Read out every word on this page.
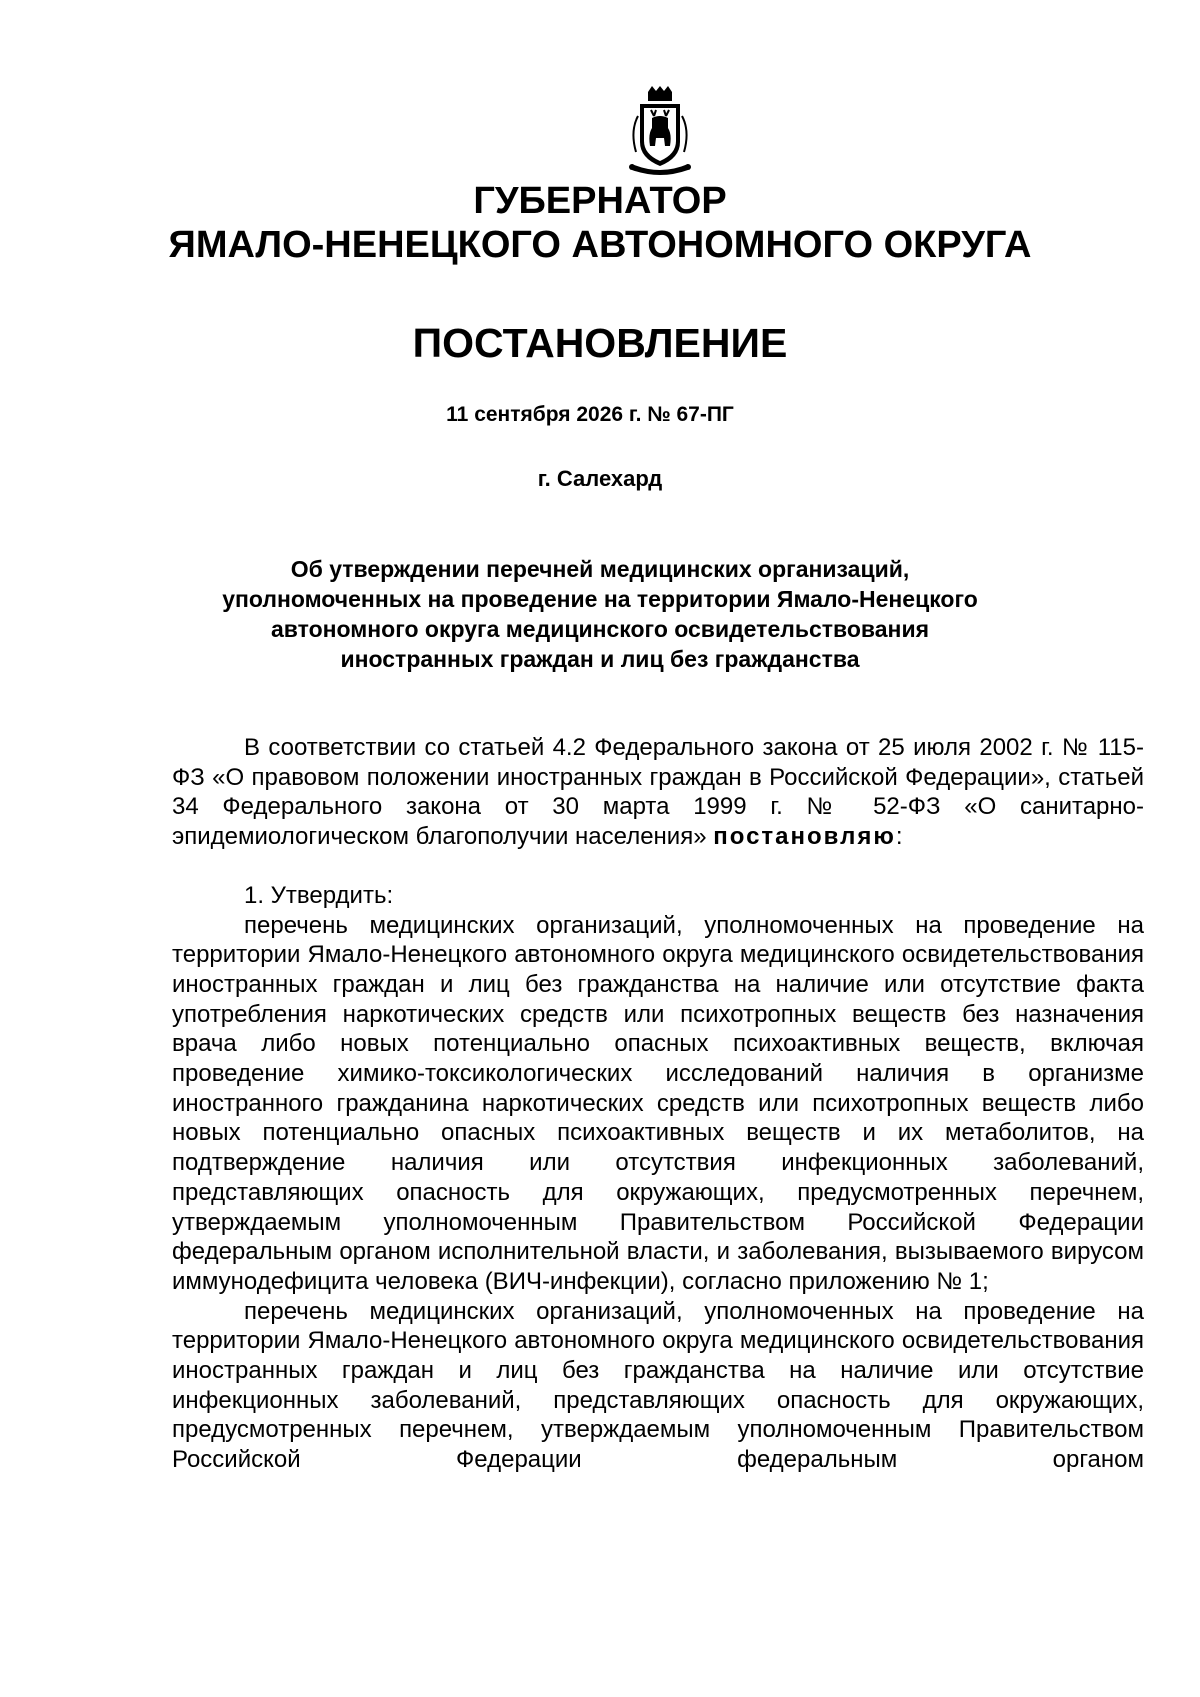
ГУБЕРНАТОР
ЯМАЛО-НЕНЕЦКОГО АВТОНОМНОГО ОКРУГА
ПОСТАНОВЛЕНИЕ
11 сентября 2026 г. № 67-ПГ
г. Салехард
Об утверждении перечней медицинских организаций,
уполномоченных на проведение на территории Ямало-Ненецкого
автономного округа медицинского освидетельствования
иностранных граждан и лиц без гражданства

В соответствии со статьей 4.2 Федерального закона от 25 июля 2002 г. № 115-ФЗ «О правовом положении иностранных граждан в Российской Федерации», статьей 34 Федерального закона от 30 марта 1999 г. № 52-ФЗ «О санитарно-эпидемиологическом благополучии населения» постановляю:

1. Утвердить:

перечень медицинских организаций, уполномоченных на проведение на территории Ямало-Ненецкого автономного округа медицинского освидетельствования иностранных граждан и лиц без гражданства на наличие или отсутствие факта употребления наркотических средств или психотропных веществ без назначения врача либо новых потенциально опасных психоактивных веществ, включая проведение химико-токсикологических исследований наличия в организме иностранного гражданина наркотических средств или психотропных веществ либо новых потенциально опасных психоактивных веществ и их метаболитов, на подтверждение наличия или отсутствия инфекционных заболеваний, представляющих опасность для окружающих, предусмотренных перечнем, утверждаемым уполномоченным Правительством Российской Федерации федеральным органом исполнительной власти, и заболевания, вызываемого вирусом иммунодефицита человека (ВИЧ-инфекции), согласно приложению № 1;

перечень медицинских организаций, уполномоченных на проведение на территории Ямало-Ненецкого автономного округа медицинского освидетельствования иностранных граждан и лиц без гражданства на наличие или отсутствие инфекционных заболеваний, представляющих опасность для окружающих, предусмотренных перечнем, утверждаемым уполномоченным Правительством Российской Федерации федеральным органом
